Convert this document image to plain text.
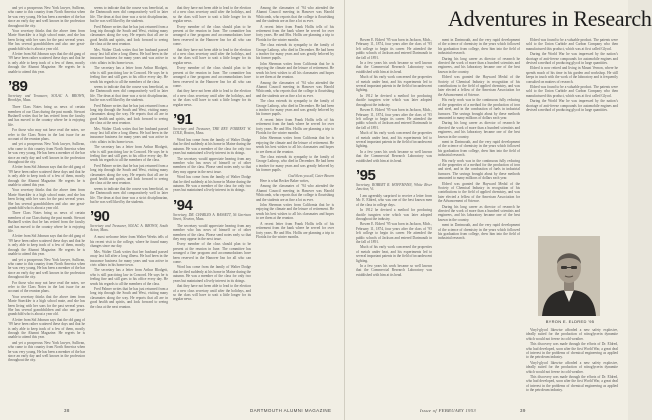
and yet a prosperous New York lawyer, Sullivan, who came to this country from North America when he was very young. He has been a member of the bar since an early day and well known in the profession throughout the city.

Your secretary thinks that the above item from Marie Staeckler is a high school mate, and she has been living with her sons for the past several years. She has several grandchildren and also one great-grandchild who is about a year old.

A letter from Sid Johnson says that the old gang of ’89 have been rather scattered these days and that he is only able to keep track of a few of them, mostly through the Alumni Magazine. He regrets he is unable to attend this year.

’89
Secretary and Treasurer, SOLAC A. BROWN, Brooklyn, Mass.

Three Class Notes bring us news of certain members of our Class during the past month. Stewart Bushnell writes that he has retired from the faculty and has moved to the country where he is enjoying life.

For those who may not have read the notes, we refer to the Class Notes in the last issue for an account of the reunion plans.

and yet a prosperous New York lawyer, Sullivan, who came to this country from North America when he was very young. He has been a member of the bar since an early day and well known in the profession throughout the city.

A letter from Sid Johnson says that the old gang of ’89 have been rather scattered these days and that he is only able to keep track of a few of them, mostly through the Alumni Magazine. He regrets he is unable to attend this year.

Your secretary thinks that the above item from Marie Staeckler is a high school mate, and she has been living with her sons for the past several years. She has several grandchildren and also one great-grandchild who is about a year old.

Three Class Notes bring us news of certain members of our Class during the past month. Stewart Bushnell writes that he has retired from the faculty and has moved to the country where he is enjoying life.

A letter from Sid Johnson says that the old gang of ’89 have been rather scattered these days and that he is only able to keep track of a few of them, mostly through the Alumni Magazine. He regrets he is unable to attend this year.

and yet a prosperous New York lawyer, Sullivan, who came to this country from North America when he was very young. He has been a member of the bar since an early day and well known in the profession throughout the city.

For those who may not have read the notes, we refer to the Class Notes in the last issue for an account of the reunion plans.

Your secretary thinks that the above item from Marie Staeckler is a high school mate, and she has been living with her sons for the past several years. She has several grandchildren and also one great-grandchild who is about a year old.

A letter from Sid Johnson says that the old gang of ’89 have been rather scattered these days and that he is only able to keep track of a few of them, mostly through the Alumni Magazine. He regrets he is unable to attend this year.

and yet a prosperous New York lawyer, Sullivan, who came to this country from North America when he was very young. He has been a member of the bar since an early day and well known in the profession throughout the city.

seems to indicate that the course was beneficial, as the Dartmouth men did comparatively well in later life. The dean at that time was a strict disciplinarian, but he was well liked by the students.

Fred Palmer writes that he has just returned from a long trip through the South and West, visiting many classmates along the way. He reports that all are in good health and spirits, and look forward to seeing the class at the next reunion.

Mrs. Walter Clark writes that her husband passed away last fall after a long illness. He had been in the insurance business for many years and was active in civic affairs in his home town.

The secretary has a letter from Arthur Blodgett, who is still practicing law in Concord. He says he is feeling fine and still goes to his office every day. He sends his regards to all the members of the class.

seems to indicate that the course was beneficial, as the Dartmouth men did comparatively well in later life. The dean at that time was a strict disciplinarian, but he was well liked by the students.

Fred Palmer writes that he has just returned from a long trip through the South and West, visiting many classmates along the way. He reports that all are in good health and spirits, and look forward to seeing the class at the next reunion.

Mrs. Walter Clark writes that her husband passed away last fall after a long illness. He had been in the insurance business for many years and was active in civic affairs in his home town.

The secretary has a letter from Arthur Blodgett, who is still practicing law in Concord. He says he is feeling fine and still goes to his office every day. He sends his regards to all the members of the class.

Fred Palmer writes that he has just returned from a long trip through the South and West, visiting many classmates along the way. He reports that all are in good health and spirits, and look forward to seeing the class at the next reunion.

seems to indicate that the course was beneficial, as the Dartmouth men did comparatively well in later life. The dean at that time was a strict disciplinarian, but he was well liked by the students.

’90
Secretary and Treasurer, SOLAC A. BROWN, South Acton, Mass.

A most welcome letter from Walter Weeks tells of his recent visit to the college, where he found many changes since our day.

Mrs. Walter Clark writes that her husband passed away last fall after a long illness. He had been in the insurance business for many years and was active in civic affairs in his home town.

The secretary has a letter from Arthur Blodgett, who is still practicing law in Concord. He says he is feeling fine and still goes to his office every day. He sends his regards to all the members of the class.

Fred Palmer writes that he has just returned from a long trip through the South and West, visiting many classmates along the way. He reports that all are in good health and spirits, and look forward to seeing the class at the next reunion.

that they have not been able to lead to the election of a new class secretary until after the holidays, and so the class will have to wait a little longer for its regular news.

Every member of the class should plan to be present at the reunion in June. The committee has arranged a fine program and accommodations have been reserved in the Hanover Inn for all who can come.

that they have not been able to lead to the election of a new class secretary until after the holidays, and so the class will have to wait a little longer for its regular news.

Every member of the class should plan to be present at the reunion in June. The committee has arranged a fine program and accommodations have been reserved in the Hanover Inn for all who can come.

that they have not been able to lead to the election of a new class secretary until after the holidays, and so the class will have to wait a little longer for its regular news.

’91
Secretary and Treasurer, THE REV. FORREST W. COLE, Boston, Mass.

Word has come from the family of Walter Dodge that he died suddenly at his home in Maine during the autumn. He was a member of the class for only two years but maintained a lively interest in its doings.

The secretary would appreciate hearing from any member who has news of himself or of other members of the class. Please send notes early so that they may appear in the next issue.

Word has come from the family of Walter Dodge that he died suddenly at his home in Maine during the autumn. He was a member of the class for only two years but maintained a lively interest in its doings.

’94
Secretary, DR. CHARLES A. BASSETT, 56 Garrison Street, Newton, Mass.

The secretary would appreciate hearing from any member who has news of himself or of other members of the class. Please send notes early so that they may appear in the next issue.

Every member of the class should plan to be present at the reunion in June. The committee has arranged a fine program and accommodations have been reserved in the Hanover Inn for all who can come.

Word has come from the family of Walter Dodge that he died suddenly at his home in Maine during the autumn. He was a member of the class for only two years but maintained a lively interest in its doings.

that they have not been able to lead to the election of a new class secretary until after the holidays, and so the class will have to wait a little longer for its regular news.

Among the classmates of ’94 who attended the Alumni Council meeting in Hanover was Harold Whitcomb, who reports that the college is flourishing and the students are as fine a lot as ever.

A recent letter from Frank Hollis tells of his retirement from the bank where he served for over forty years. He and Mrs. Hollis are planning a trip to Florida for the winter months.

The class extends its sympathy to the family of George Lathrop, who died in December. He had been a teacher for many years and was greatly beloved by his former pupils.

John Sherman writes from California that he is enjoying the climate and the leisure of retirement. He sends his best wishes to all his classmates and hopes to see them at the reunion.

Among the classmates of ’94 who attended the Alumni Council meeting in Hanover was Harold Whitcomb, who reports that the college is flourishing and the students are as fine a lot as ever.

The class extends its sympathy to the family of George Lathrop, who died in December. He had been a teacher for many years and was greatly beloved by his former pupils.

A recent letter from Frank Hollis tells of his retirement from the bank where he served for over forty years. He and Mrs. Hollis are planning a trip to Florida for the winter months.

John Sherman writes from California that he is enjoying the climate and the leisure of retirement. He sends his best wishes to all his classmates and hopes to see them at the reunion.

The class extends its sympathy to the family of George Lathrop, who died in December. He had been a teacher for many years and was greatly beloved by his former pupils.

God bless you all, Cater Bowen

Here is what Becker Baker writes,

Among the classmates of ’94 who attended the Alumni Council meeting in Hanover was Harold Whitcomb, who reports that the college is flourishing and the students are as fine a lot as ever.

John Sherman writes from California that he is enjoying the climate and the leisure of retirement. He sends his best wishes to all his classmates and hopes to see them at the reunion.

A recent letter from Frank Hollis tells of his retirement from the bank where he served for over forty years. He and Mrs. Hollis are planning a trip to Florida for the winter months.

Adventures in Research

Bowen E. Eldred ’95 was born in Jackson, Mich., February 11, 1874, four years after the class of ’95 left college to begin its career. He attended the public schools of Jackson and entered Dartmouth in the fall of 1891.

In a few years his work became so well known that the Commercial Research Laboratory was established with him at its head.

Much of his early work concerned the properties of metals under heat, and his experiments led to several important patents in the field of incandescent lighting.

In 1912 he devised a method for producing ductile tungsten wire which was later adopted throughout the industry.

Bowen E. Eldred ’95 was born in Jackson, Mich., February 11, 1874, four years after the class of ’95 left college to begin its career. He attended the public schools of Jackson and entered Dartmouth in the fall of 1891.

Much of his early work concerned the properties of metals under heat, and his experiments led to several important patents in the field of incandescent lighting.

In a few years his work became so well known that the Commercial Research Laboratory was established with him at its head.

’95
Secretary, ROBERT R. HOFFMANN, White River Junction, Vt.

I am agreeably surprised to receive a letter from Mr. E. Eldred, who was one of the best known men of the class in college days.

In 1912 he devised a method for producing ductile tungsten wire which was later adopted throughout the industry.

Bowen E. Eldred ’95 was born in Jackson, Mich., February 11, 1874, four years after the class of ’95 left college to begin its career. He attended the public schools of Jackson and entered Dartmouth in the fall of 1891.

Much of his early work concerned the properties of metals under heat, and his experiments led to several important patents in the field of incandescent lighting.

In a few years his work became so well known that the Commercial Research Laboratory was established with him at its head.

ment in Dartmouth, and the very rapid development of the science of chemistry in the years which followed his graduation from college, drew him into the field of industrial research.

During his long career as director of research he directed the work of more than a hundred scientists and engineers, and his laboratory became one of the best known in the country.

Eldred was granted the Hayward Medal of the Society of Chemical Industry in recognition of his contributions to the field of applied chemistry, and was later elected a fellow of the American Association for the Advancement of Science.

His early work was in the continuous fully reducing of the properties of a method for the production of iron and steel, and in the combustion of fuels in industrial furnaces. The savings brought about by these methods amounted to many millions of dollars each year.

During his long career as director of research he directed the work of more than a hundred scientists and engineers, and his laboratory became one of the best known in the country.

ment in Dartmouth, and the very rapid development of the science of chemistry in the years which followed his graduation from college, drew him into the field of industrial research.

His early work was in the continuous fully reducing of the properties of a method for the production of iron and steel, and in the combustion of fuels in industrial furnaces. The savings brought about by these methods amounted to many millions of dollars each year.

Eldred was granted the Hayward Medal of the Society of Chemical Industry in recognition of his contributions to the field of applied chemistry, and was later elected a fellow of the American Association for the Advancement of Science.

During his long career as director of research he directed the work of more than a hundred scientists and engineers, and his laboratory became one of the best known in the country.

ment in Dartmouth, and the very rapid development of the science of chemistry in the years which followed his graduation from college, drew him into the field of industrial research.

Eldred was found to be a valuable product. The patents were sold to the Union Carbide and Carbon Company who then manufactured this product, which was at first called Glycol.

During the World War he was impressed by the nation’s shortage of anti-freeze compounds for automobile engines and devised a method of producing glycol in large quantities.

Eldred is now retired and living in Mount Vernon, where he spends much of his time in his garden and workshop. He still keeps in touch with the work of the laboratory and is frequently consulted on matters of research.

Eldred was found to be a valuable product. The patents were sold to the Union Carbide and Carbon Company who then manufactured this product, which was at first called Glycol.

During the World War he was impressed by the nation’s shortage of anti-freeze compounds for automobile engines and devised a method of producing glycol in large quantities.

BYRON E. ELDRED ’95

Vinyl-glycol likewise afforded a new safety explosive, ideally suited for the production of nitroglycerin dynamite which would not freeze in cold weather.

This discovery was made through the efforts of Dr. Eldred, who had developed, soon after the first World War, a great deal of interest in the problems of chemical engineering as applied to the petroleum industry.

Vinyl-glycol likewise afforded a new safety explosive, ideally suited for the production of nitroglycerin dynamite which would not freeze in cold weather.

This discovery was made through the efforts of Dr. Eldred, who had developed, soon after the first World War, a great deal of interest in the problems of chemical engineering as applied to the petroleum industry.

38	DARTMOUTH ALUMNI MAGAZINE	Issue of FEBRUARY 1953	39
